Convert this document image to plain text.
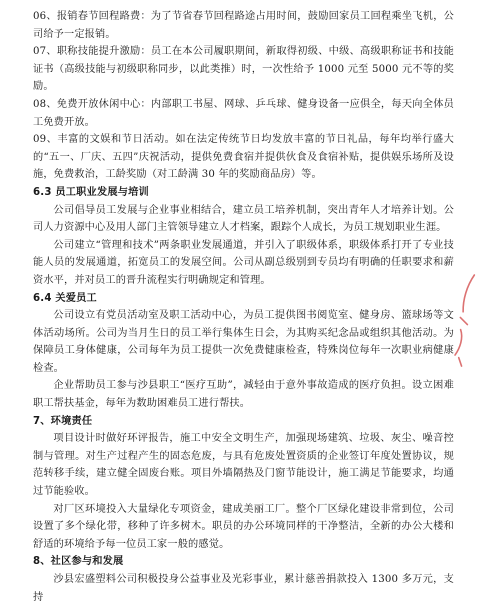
06、报销春节回程路费：为了节省春节回程路途占用时间，鼓励回家员工回程乘坐飞机，公司给予一定报销。

07、职称技能提升激励：员工在本公司履职期间，新取得初级、中级、高级职称证书和技能证书（高级技能与初级职称同步，以此类推）时，一次性给予 1000 元至 5000 元不等的奖励。

08、免费开放休闲中心：内部职工书屋、网球、乒乓球、健身设备一应俱全，每天向全体员工免费开放。

09、丰富的文娱和节日活动。如在法定传统节日均发放丰富的节日礼品，每年均举行盛大的“五一、厂庆、五四”庆祝活动，提供免费食宿并提供伙食及食宿补贴，提供娱乐场所及设施，免费救治，工龄奖励（对工龄满 30 年的奖励商品房）等。

6.3 员工职业发展与培训

公司倡导员工发展与企业事业相结合，建立员工培养机制，突出青年人才培养计划。公司人力资源中心及用人部门主管领导建立人才档案，跟踪个人成长，为员工规划职业生涯。

公司建立“管理和技术”两条职业发展通道，并引入了职级体系，职级体系打开了专业技能人员的发展通道，拓宽员工的发展空间。公司从副总级别到专员均有明确的任职要求和薪资水平，并对员工的晋升流程实行明确规定和管理。

6.4 关爱员工

公司设立有党员活动室及职工活动中心，为员工提供图书阅览室、健身房、篮球场等文体活动场所。公司为当月生日的员工举行集体生日会，为其购买纪念品或组织其他活动。为保障员工身体健康，公司每年为员工提供一次免费健康检查，特殊岗位每年一次职业病健康检查。

企业帮助员工参与沙县职工“医疗互助”，减轻由于意外事故造成的医疗负担。设立困难职工帮扶基金，每年为数助困难员工进行帮扶。

7、环境责任

项目设计时做好环评报告，施工中安全文明生产，加强现场建筑、垃圾、灰尘、噪音控制与管理。对生产过程产生的固态危废，与具有危废处置资质的企业签订年度处置协议，规范转移手续，建立健全固废台账。项目外墙隔热及门窗节能设计，施工满足节能要求，均通过节能验收。

对厂区环境投入大量绿化专项资金，建成美丽工厂。整个厂区绿化建设非常到位，公司设置了多个绿化带，移种了许多树木。职员的办公环境同样的干净整洁，全新的办公大楼和舒适的环境给予每一位员工家一般的感觉。

8、社区参与和发展

沙县宏盛塑料公司积极投身公益事业及光彩事业，累计慈善捐款投入 1300 多万元，支持
